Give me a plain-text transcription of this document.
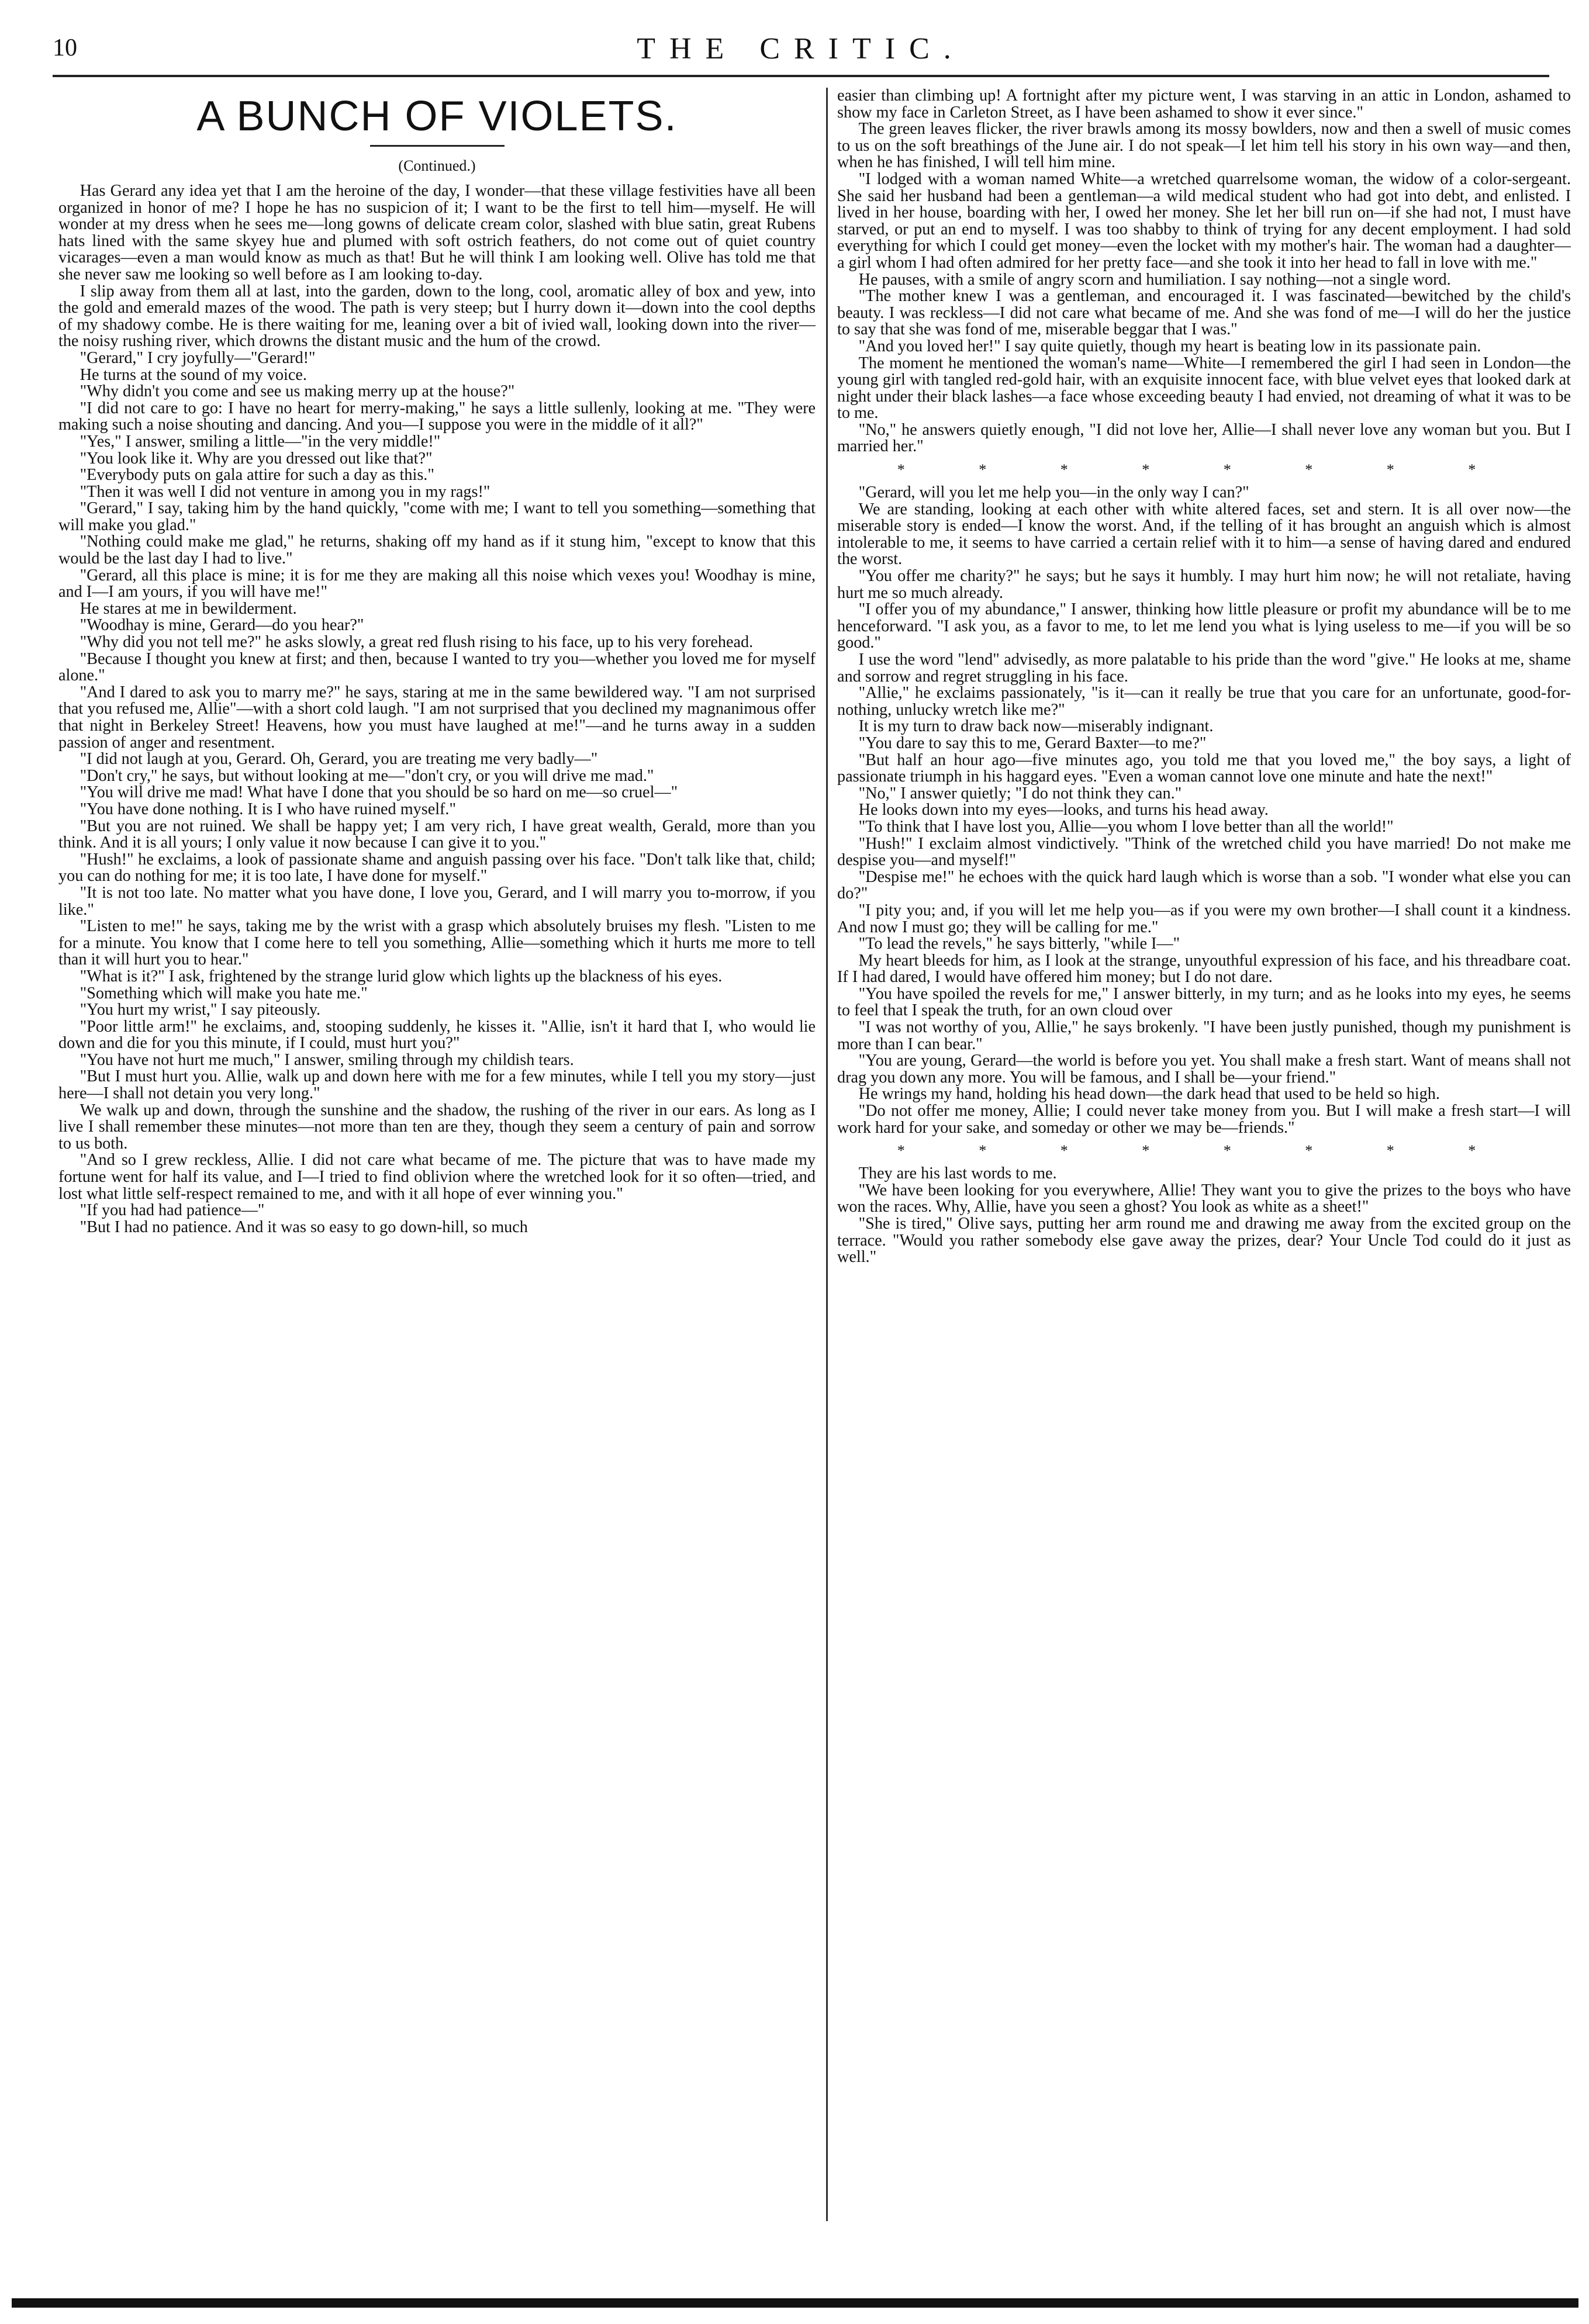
10	THE CRITIC.
A BUNCH OF VIOLETS.
(Continued.)

Has Gerard any idea yet that I am the heroine of the day, I wonder—that these village festivities have all been organized in honor of me? I hope he has no suspicion of it; I want to be the first to tell him—myself. He will wonder at my dress when he sees me—long gowns of delicate cream color, slashed with blue satin, great Rubens hats lined with the same skyey hue and plumed with soft ostrich feathers, do not come out of quiet country vicarages—even a man would know as much as that! But he will think I am looking well. Olive has told me that she never saw me looking so well before as I am looking to-day.

I slip away from them all at last, into the garden, down to the long, cool, aromatic alley of box and yew, into the gold and emerald mazes of the wood. The path is very steep; but I hurry down it—down into the cool depths of my shadowy combe. He is there waiting for me, leaning over a bit of ivied wall, looking down into the river—the noisy rushing river, which drowns the distant music and the hum of the crowd.

"Gerard," I cry joyfully—"Gerard!"

He turns at the sound of my voice.

"Why didn't you come and see us making merry up at the house?"

"I did not care to go: I have no heart for merry-making," he says a little sullenly, looking at me. "They were making such a noise shouting and dancing. And you—I suppose you were in the middle of it all?"

"Yes," I answer, smiling a little—"in the very middle!"

"You look like it. Why are you dressed out like that?"

"Everybody puts on gala attire for such a day as this."

"Then it was well I did not venture in among you in my rags!"

"Gerard," I say, taking him by the hand quickly, "come with me; I want to tell you something—something that will make you glad."

"Nothing could make me glad," he returns, shaking off my hand as if it stung him, "except to know that this would be the last day I had to live."

"Gerard, all this place is mine; it is for me they are making all this noise which vexes you! Woodhay is mine, and I—I am yours, if you will have me!"

He stares at me in bewilderment.

"Woodhay is mine, Gerard—do you hear?"

"Why did you not tell me?" he asks slowly, a great red flush rising to his face, up to his very forehead.

"Because I thought you knew at first; and then, because I wanted to try you—whether you loved me for myself alone."

"And I dared to ask you to marry me?" he says, staring at me in the same bewildered way. "I am not surprised that you refused me, Allie"—with a short cold laugh. "I am not surprised that you declined my magnanimous offer that night in Berkeley Street! Heavens, how you must have laughed at me!"—and he turns away in a sudden passion of anger and resentment.

"I did not laugh at you, Gerard. Oh, Gerard, you are treating me very badly—"

"Don't cry," he says, but without looking at me—"don't cry, or you will drive me mad."

"You will drive me mad! What have I done that you should be so hard on me—so cruel—"

"You have done nothing. It is I who have ruined myself."

"But you are not ruined. We shall be happy yet; I am very rich, I have great wealth, Gerald, more than you think. And it is all yours; I only value it now because I can give it to you."

"Hush!" he exclaims, a look of passionate shame and anguish passing over his face. "Don't talk like that, child; you can do nothing for me; it is too late, I have done for myself."

"It is not too late. No matter what you have done, I love you, Gerard, and I will marry you to-morrow, if you like."

"Listen to me!" he says, taking me by the wrist with a grasp which absolutely bruises my flesh. "Listen to me for a minute. You know that I come here to tell you something, Allie—something which it hurts me more to tell than it will hurt you to hear."

"What is it?" I ask, frightened by the strange lurid glow which lights up the blackness of his eyes.

"Something which will make you hate me."

"You hurt my wrist," I say piteously.

"Poor little arm!" he exclaims, and, stooping suddenly, he kisses it. "Allie, isn't it hard that I, who would lie down and die for you this minute, if I could, must hurt you?"

"You have not hurt me much," I answer, smiling through my childish tears.

"But I must hurt you. Allie, walk up and down here with me for a few minutes, while I tell you my story—just here—I shall not detain you very long."

We walk up and down, through the sunshine and the shadow, the rushing of the river in our ears. As long as I live I shall remember these minutes—not more than ten are they, though they seem a century of pain and sorrow to us both.

"And so I grew reckless, Allie. I did not care what became of me. The picture that was to have made my fortune went for half its value, and I—I tried to find oblivion where the wretched look for it so often—tried, and lost what little self-respect remained to me, and with it all hope of ever winning you."

"If you had had patience—"

"But I had no patience. And it was so easy to go down-hill, so much

easier than climbing up! A fortnight after my picture went, I was starving in an attic in London, ashamed to show my face in Carleton Street, as I have been ashamed to show it ever since."

The green leaves flicker, the river brawls among its mossy bowlders, now and then a swell of music comes to us on the soft breathings of the June air. I do not speak—I let him tell his story in his own way—and then, when he has finished, I will tell him mine.

"I lodged with a woman named White—a wretched quarrelsome woman, the widow of a color-sergeant. She said her husband had been a gentleman—a wild medical student who had got into debt, and enlisted. I lived in her house, boarding with her, I owed her money. She let her bill run on—if she had not, I must have starved, or put an end to myself. I was too shabby to think of trying for any decent employment. I had sold everything for which I could get money—even the locket with my mother's hair. The woman had a daughter—a girl whom I had often admired for her pretty face—and she took it into her head to fall in love with me."

He pauses, with a smile of angry scorn and humiliation. I say nothing—not a single word.

"The mother knew I was a gentleman, and encouraged it. I was fascinated—bewitched by the child's beauty. I was reckless—I did not care what became of me. And she was fond of me—I will do her the justice to say that she was fond of me, miserable beggar that I was."

"And you loved her!" I say quite quietly, though my heart is beating low in its passionate pain.

The moment he mentioned the woman's name—White—I remembered the girl I had seen in London—the young girl with tangled red-gold hair, with an exquisite innocent face, with blue velvet eyes that looked dark at night under their black lashes—a face whose exceeding beauty I had envied, not dreaming of what it was to be to me.

"No," he answers quietly enough, "I did not love her, Allie—I shall never love any woman but you. But I married her."

* * * * * * * *

"Gerard, will you let me help you—in the only way I can?"

We are standing, looking at each other with white altered faces, set and stern. It is all over now—the miserable story is ended—I know the worst. And, if the telling of it has brought an anguish which is almost intolerable to me, it seems to have carried a certain relief with it to him—a sense of having dared and endured the worst.

"You offer me charity?" he says; but he says it humbly. I may hurt him now; he will not retaliate, having hurt me so much already.

"I offer you of my abundance," I answer, thinking how little pleasure or profit my abundance will be to me henceforward. "I ask you, as a favor to me, to let me lend you what is lying useless to me—if you will be so good."

I use the word "lend" advisedly, as more palatable to his pride than the word "give." He looks at me, shame and sorrow and regret struggling in his face.

"Allie," he exclaims passionately, "is it—can it really be true that you care for an unfortunate, good-for-nothing, unlucky wretch like me?"

It is my turn to draw back now—miserably indignant.

"You dare to say this to me, Gerard Baxter—to me?"

"But half an hour ago—five minutes ago, you told me that you loved me," the boy says, a light of passionate triumph in his haggard eyes. "Even a woman cannot love one minute and hate the next!"

"No," I answer quietly; "I do not think they can."

He looks down into my eyes—looks, and turns his head away.

"To think that I have lost you, Allie—you whom I love better than all the world!"

"Hush!" I exclaim almost vindictively. "Think of the wretched child you have married! Do not make me despise you—and myself!"

"Despise me!" he echoes with the quick hard laugh which is worse than a sob. "I wonder what else you can do?"

"I pity you; and, if you will let me help you—as if you were my own brother—I shall count it a kindness. And now I must go; they will be calling for me."

"To lead the revels," he says bitterly, "while I—"

My heart bleeds for him, as I look at the strange, unyouthful expression of his face, and his threadbare coat. If I had dared, I would have offered him money; but I do not dare.

"You have spoiled the revels for me," I answer bitterly, in my turn; and as he looks into my eyes, he seems to feel that I speak the truth, for an own cloud over

"I was not worthy of you, Allie," he says brokenly. "I have been justly punished, though my punishment is more than I can bear."

"You are young, Gerard—the world is before you yet. You shall make a fresh start. Want of means shall not drag you down any more. You will be famous, and I shall be—your friend."

He wrings my hand, holding his head down—the dark head that used to be held so high.

"Do not offer me money, Allie; I could never take money from you. But I will make a fresh start—I will work hard for your sake, and someday or other we may be—friends."

* * * * * * * *

They are his last words to me.

"We have been looking for you everywhere, Allie! They want you to give the prizes to the boys who have won the races. Why, Allie, have you seen a ghost? You look as white as a sheet!"

"She is tired," Olive says, putting her arm round me and drawing me away from the excited group on the terrace. "Would you rather somebody else gave away the prizes, dear? Your Uncle Tod could do it just as well."
